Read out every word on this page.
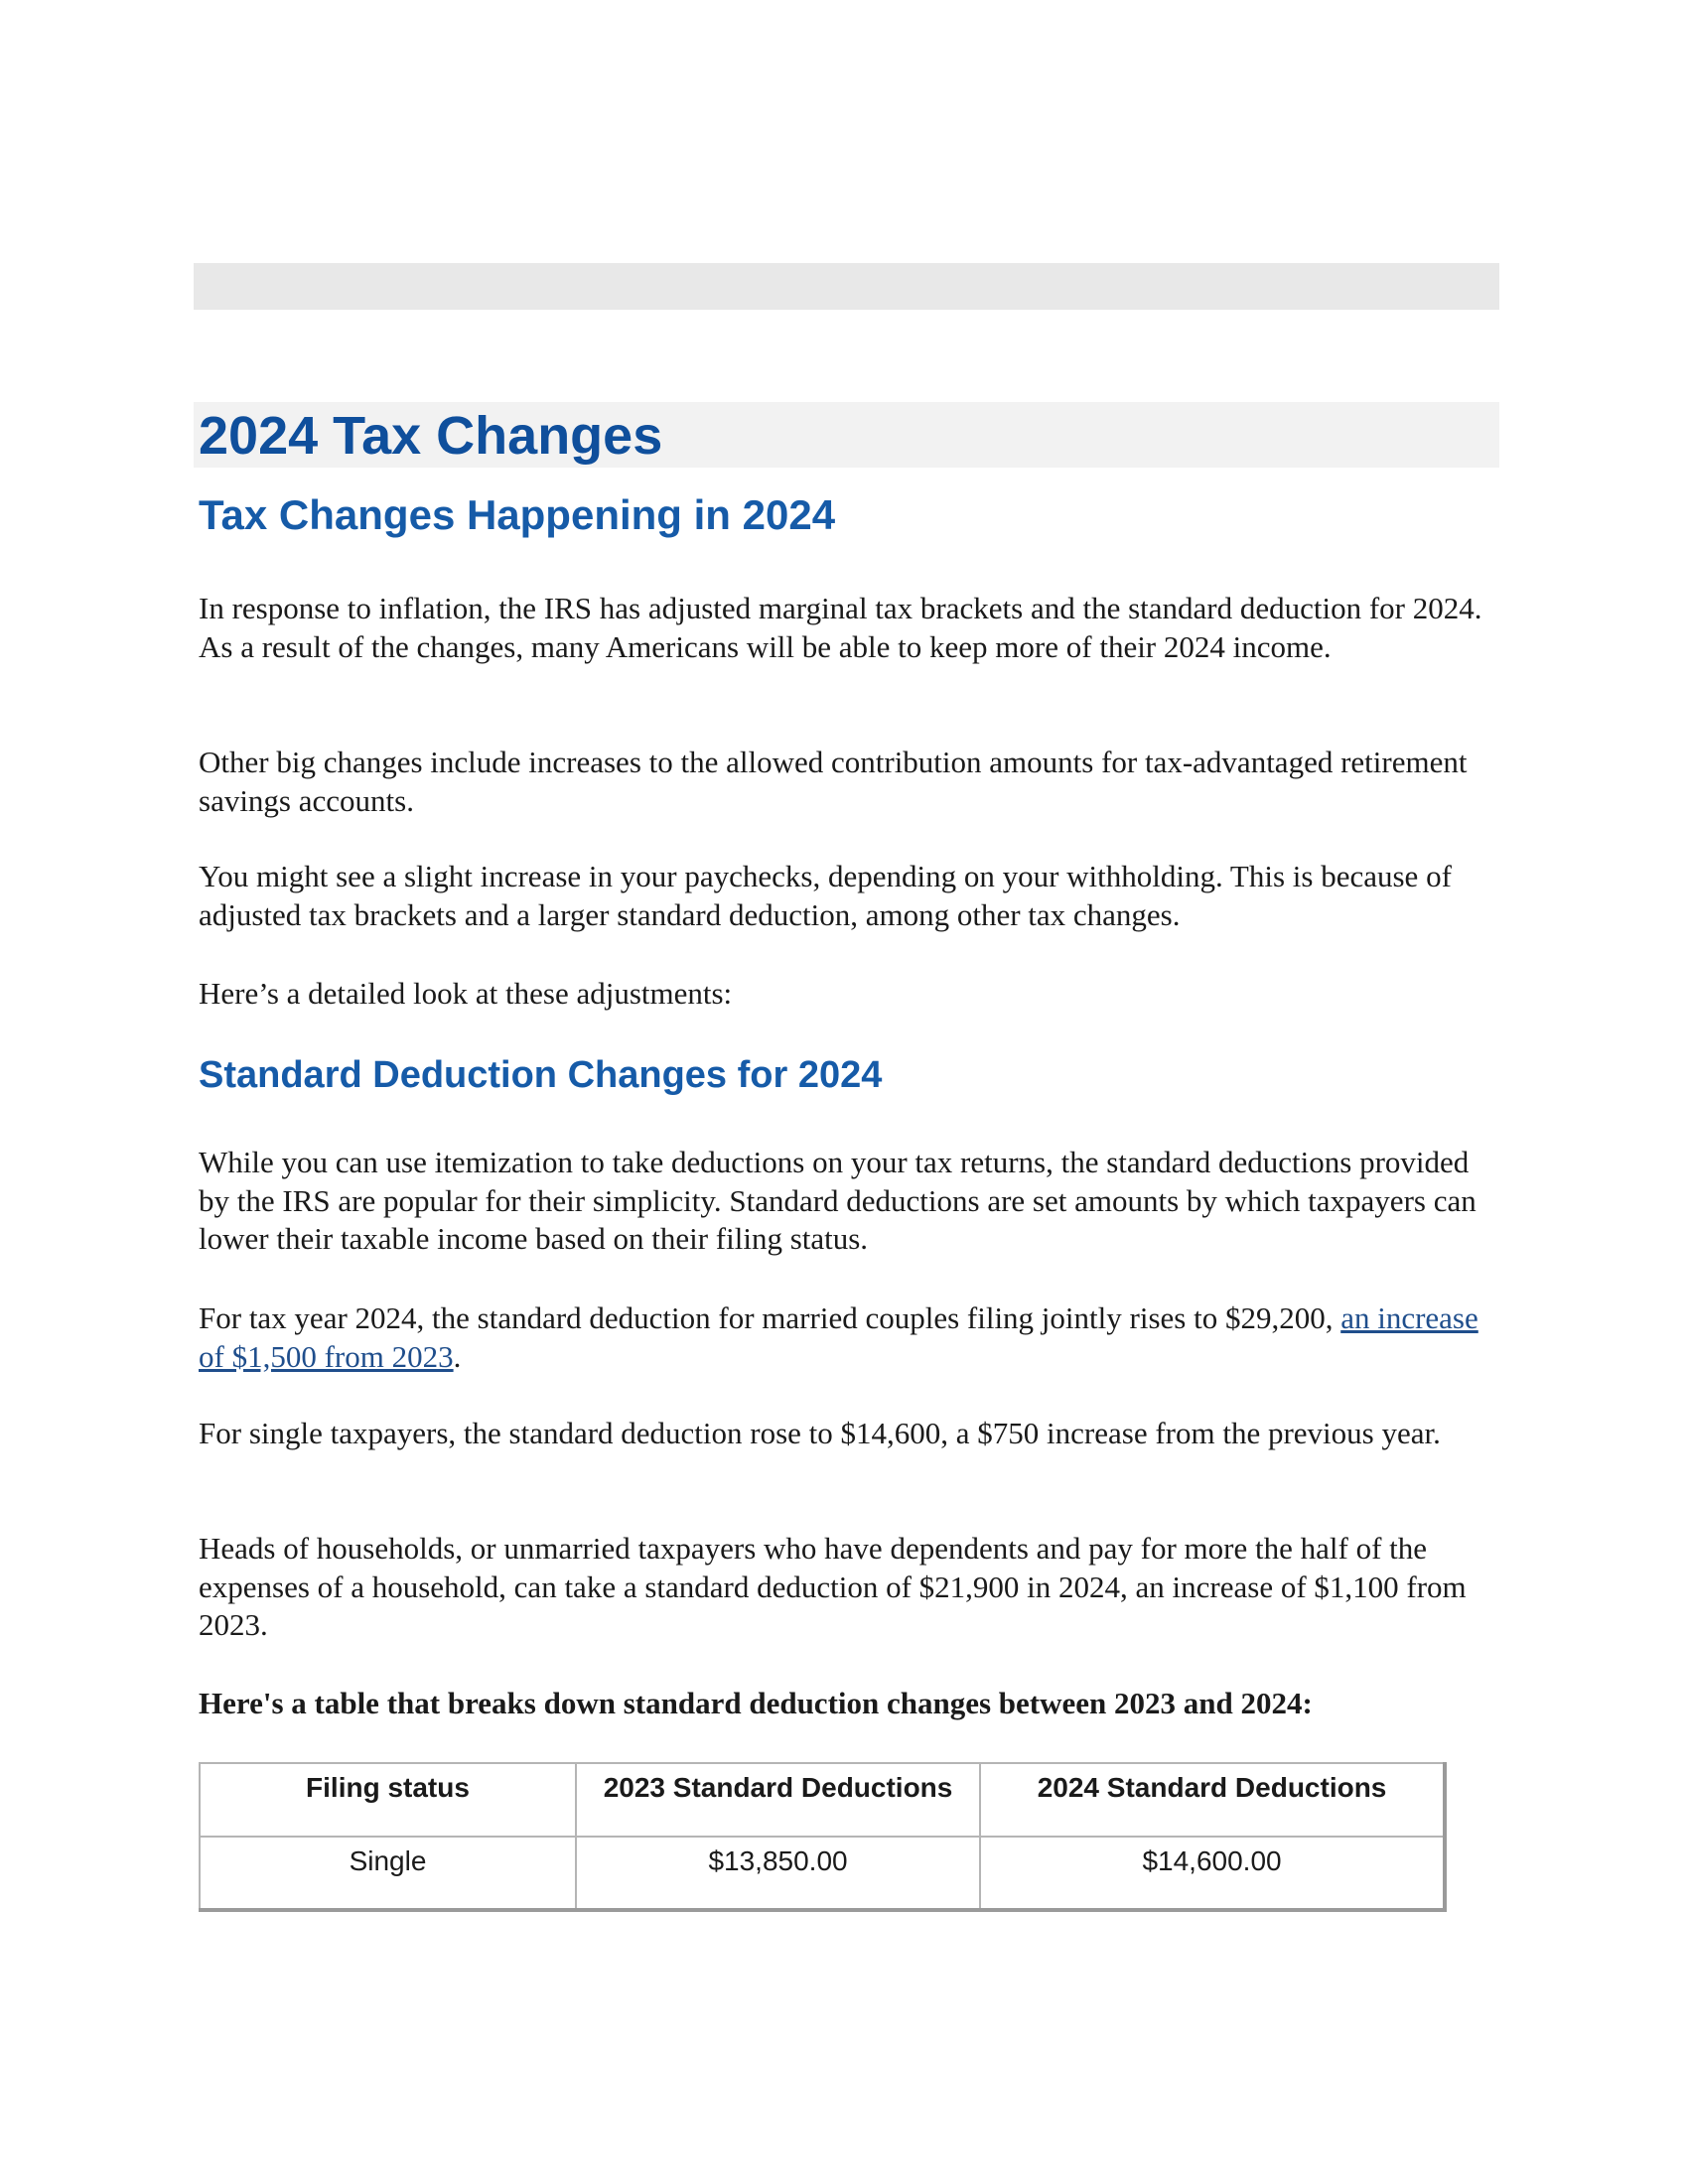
2024 Tax Changes
Tax Changes Happening in 2024

In response to inflation, the IRS has adjusted marginal tax brackets and the standard deduction for 2024. As a result of the changes, many Americans will be able to keep more of their 2024 income.

Other big changes include increases to the allowed contribution amounts for tax-advantaged retirement savings accounts.

You might see a slight increase in your paychecks, depending on your withholding. This is because of adjusted tax brackets and a larger standard deduction, among other tax changes.

Here’s a detailed look at these adjustments:

Standard Deduction Changes for 2024

While you can use itemization to take deductions on your tax returns, the standard deductions provided by the IRS are popular for their simplicity. Standard deductions are set amounts by which taxpayers can lower their taxable income based on their filing status.

For tax year 2024, the standard deduction for married couples filing jointly rises to $29,200, an increase of $1,500 from 2023.

For single taxpayers, the standard deduction rose to $14,600, a $750 increase from the previous year.

Heads of households, or unmarried taxpayers who have dependents and pay for more the half of the expenses of a household, can take a standard deduction of $21,900 in 2024, an increase of $1,100 from 2023.

Here's a table that breaks down standard deduction changes between 2023 and 2024:

Filing status	2023 Standard Deductions	2024 Standard Deductions
Single	$13,850.00	$14,600.00
